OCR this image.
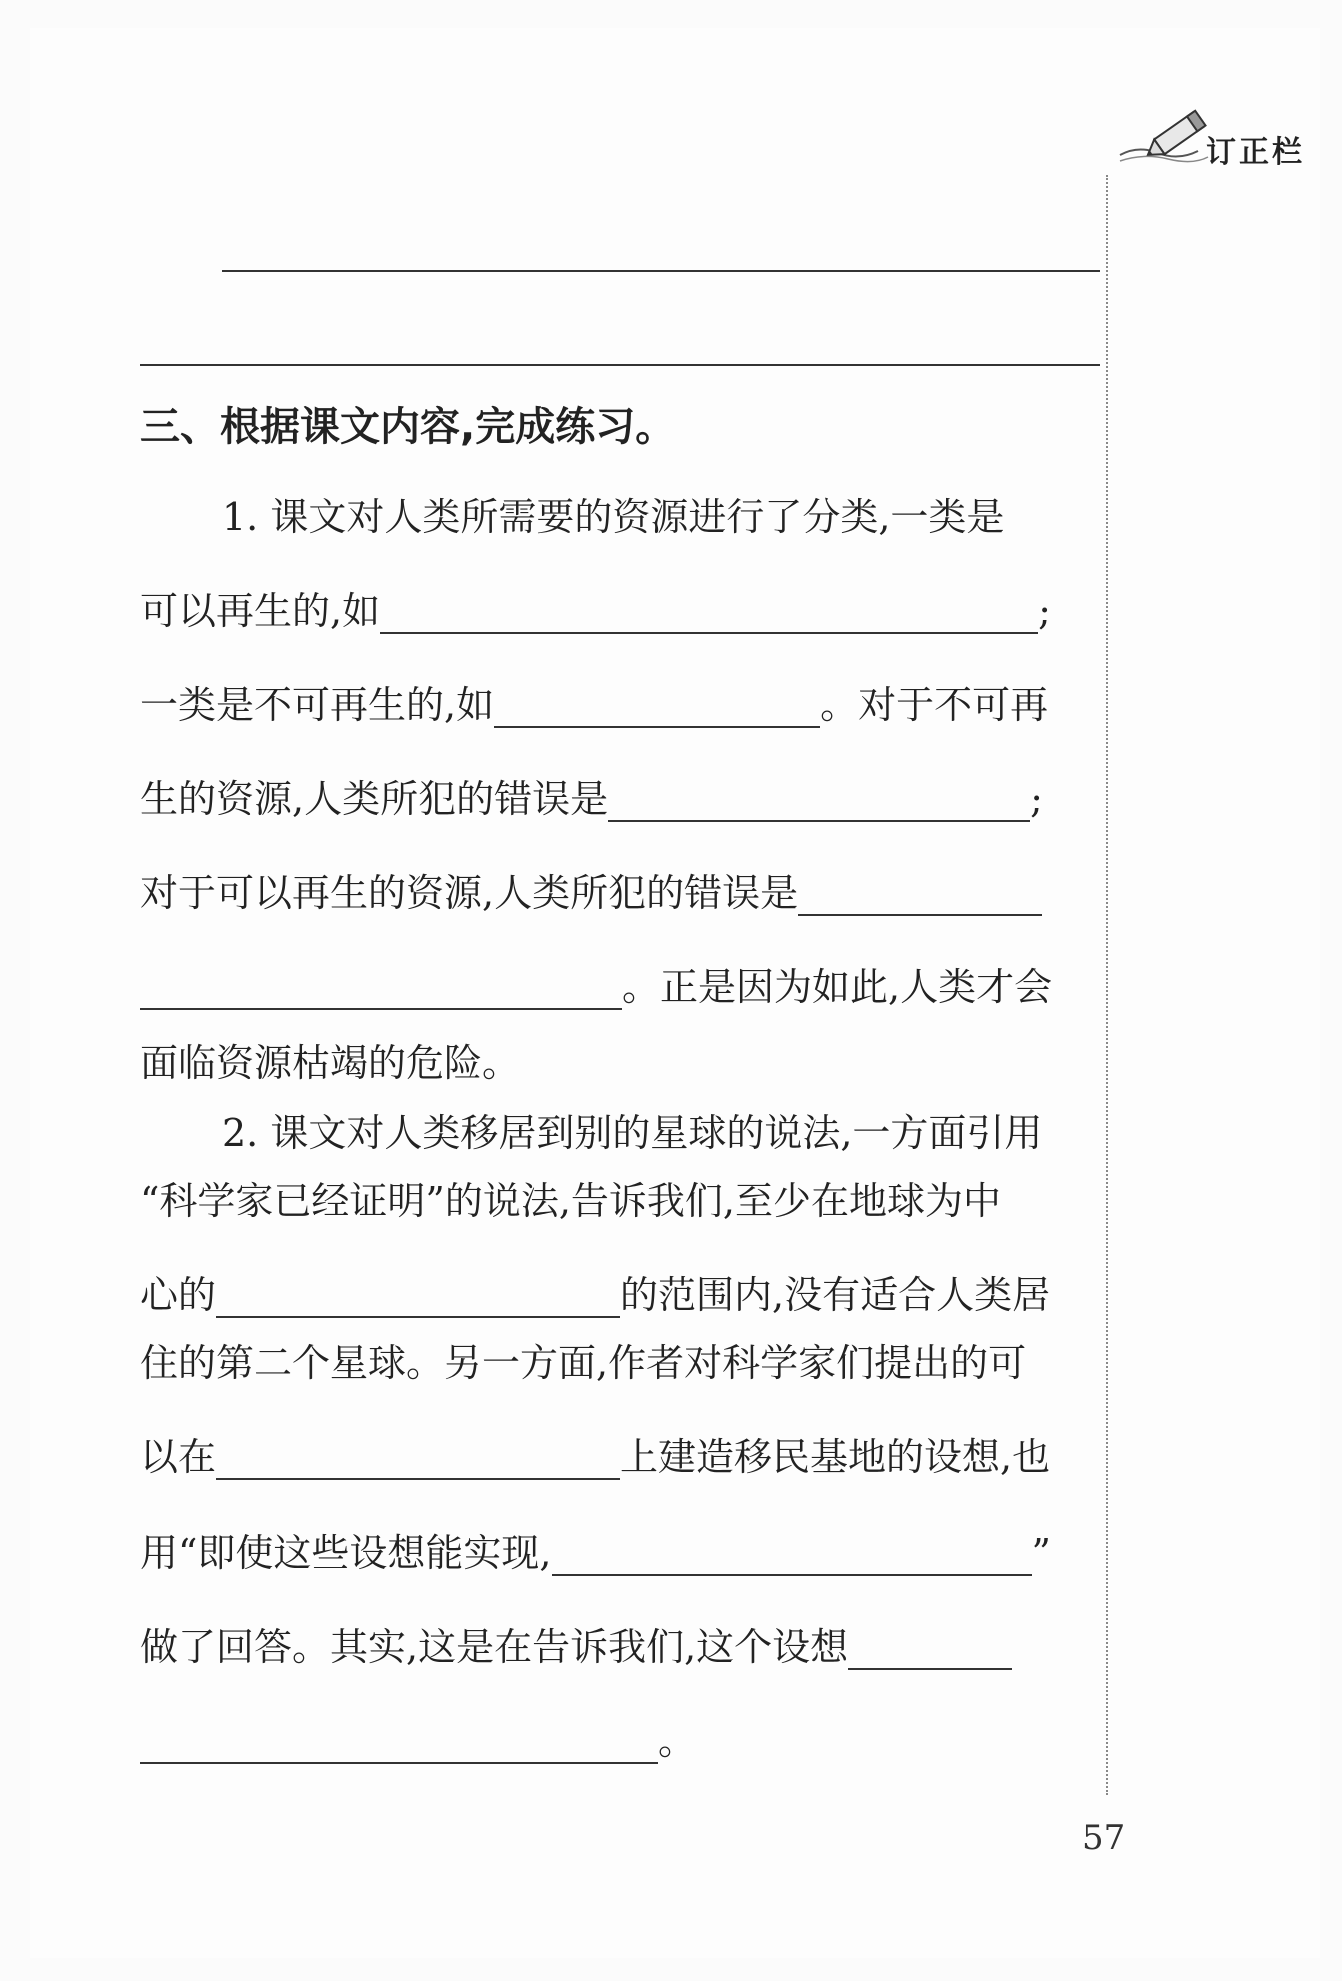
订正栏
三、根据课文内容,完成练习。
1. 课文对人类所需要的资源进行了分类,一类是
可以再生的,如	;
一类是不可再生的,如	。对于不可再
生的资源,人类所犯的错误是	;
对于可以再生的资源,人类所犯的错误是
。正是因为如此,人类才会
面临资源枯竭的危险。
2. 课文对人类移居到别的星球的说法,一方面引用
“科学家已经证明”的说法,告诉我们,至少在地球为中
心的	的范围内,没有适合人类居
住的第二个星球。另一方面,作者对科学家们提出的可
以在	上建造移民基地的设想,也
用“即使这些设想能实现,	”
做了回答。其实,这是在告诉我们,这个设想
。
57
